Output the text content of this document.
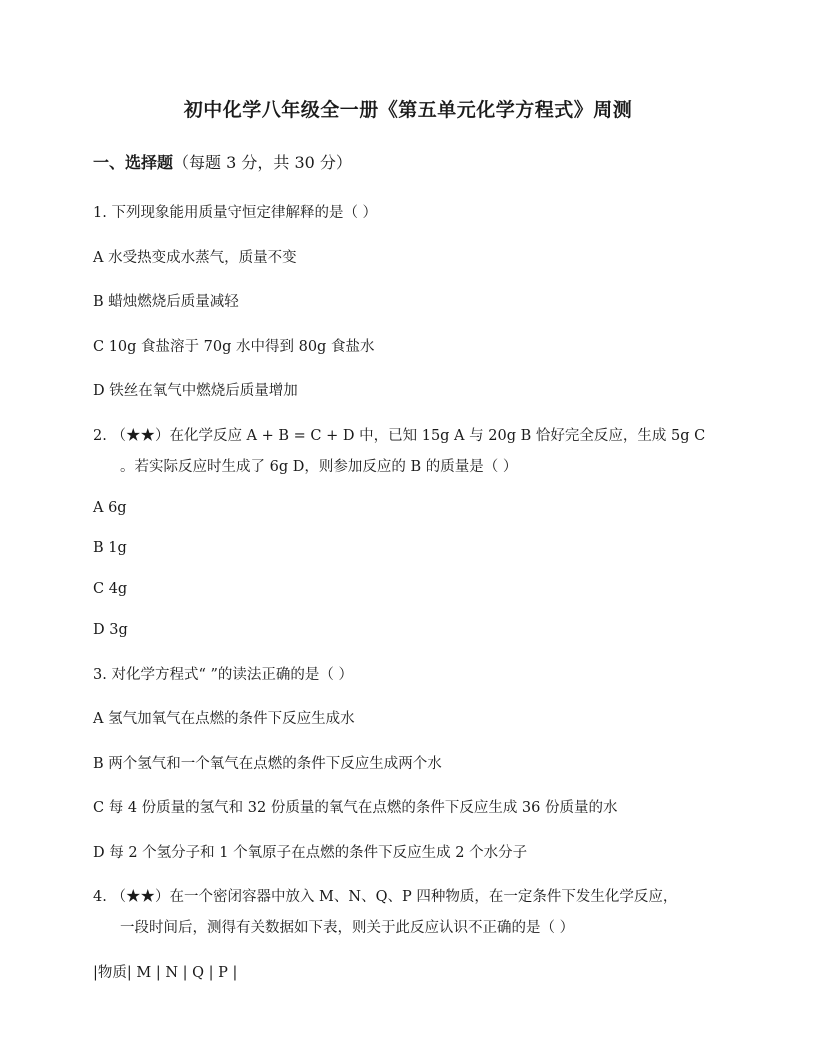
初中化学八年级全一册《第五单元化学方程式》周测
一、选择题（每题 3 分，共 30 分）
1. 下列现象能用质量守恒定律解释的是（ ）
A 水受热变成水蒸气，质量不变
B 蜡烛燃烧后质量减轻
C 10g 食盐溶于 70g 水中得到 80g 食盐水
D 铁丝在氧气中燃烧后质量增加
2. （★★）在化学反应 A + B = C + D 中，已知 15g A 与 20g B 恰好完全反应，生成 5g C
。若实际反应时生成了 6g D，则参加反应的 B 的质量是（ ）
A 6g
B 1g
C 4g
D 3g
3. 对化学方程式“ ”的读法正确的是（ ）
A 氢气加氧气在点燃的条件下反应生成水
B 两个氢气和一个氧气在点燃的条件下反应生成两个水
C 每 4 份质量的氢气和 32 份质量的氧气在点燃的条件下反应生成 36 份质量的水
D 每 2 个氢分子和 1 个氧原子在点燃的条件下反应生成 2 个水分子
4. （★★）在一个密闭容器中放入 M、N、Q、P 四种物质，在一定条件下发生化学反应，
一段时间后，测得有关数据如下表，则关于此反应认识不正确的是（ ）
|物质| M | N | Q | P |
